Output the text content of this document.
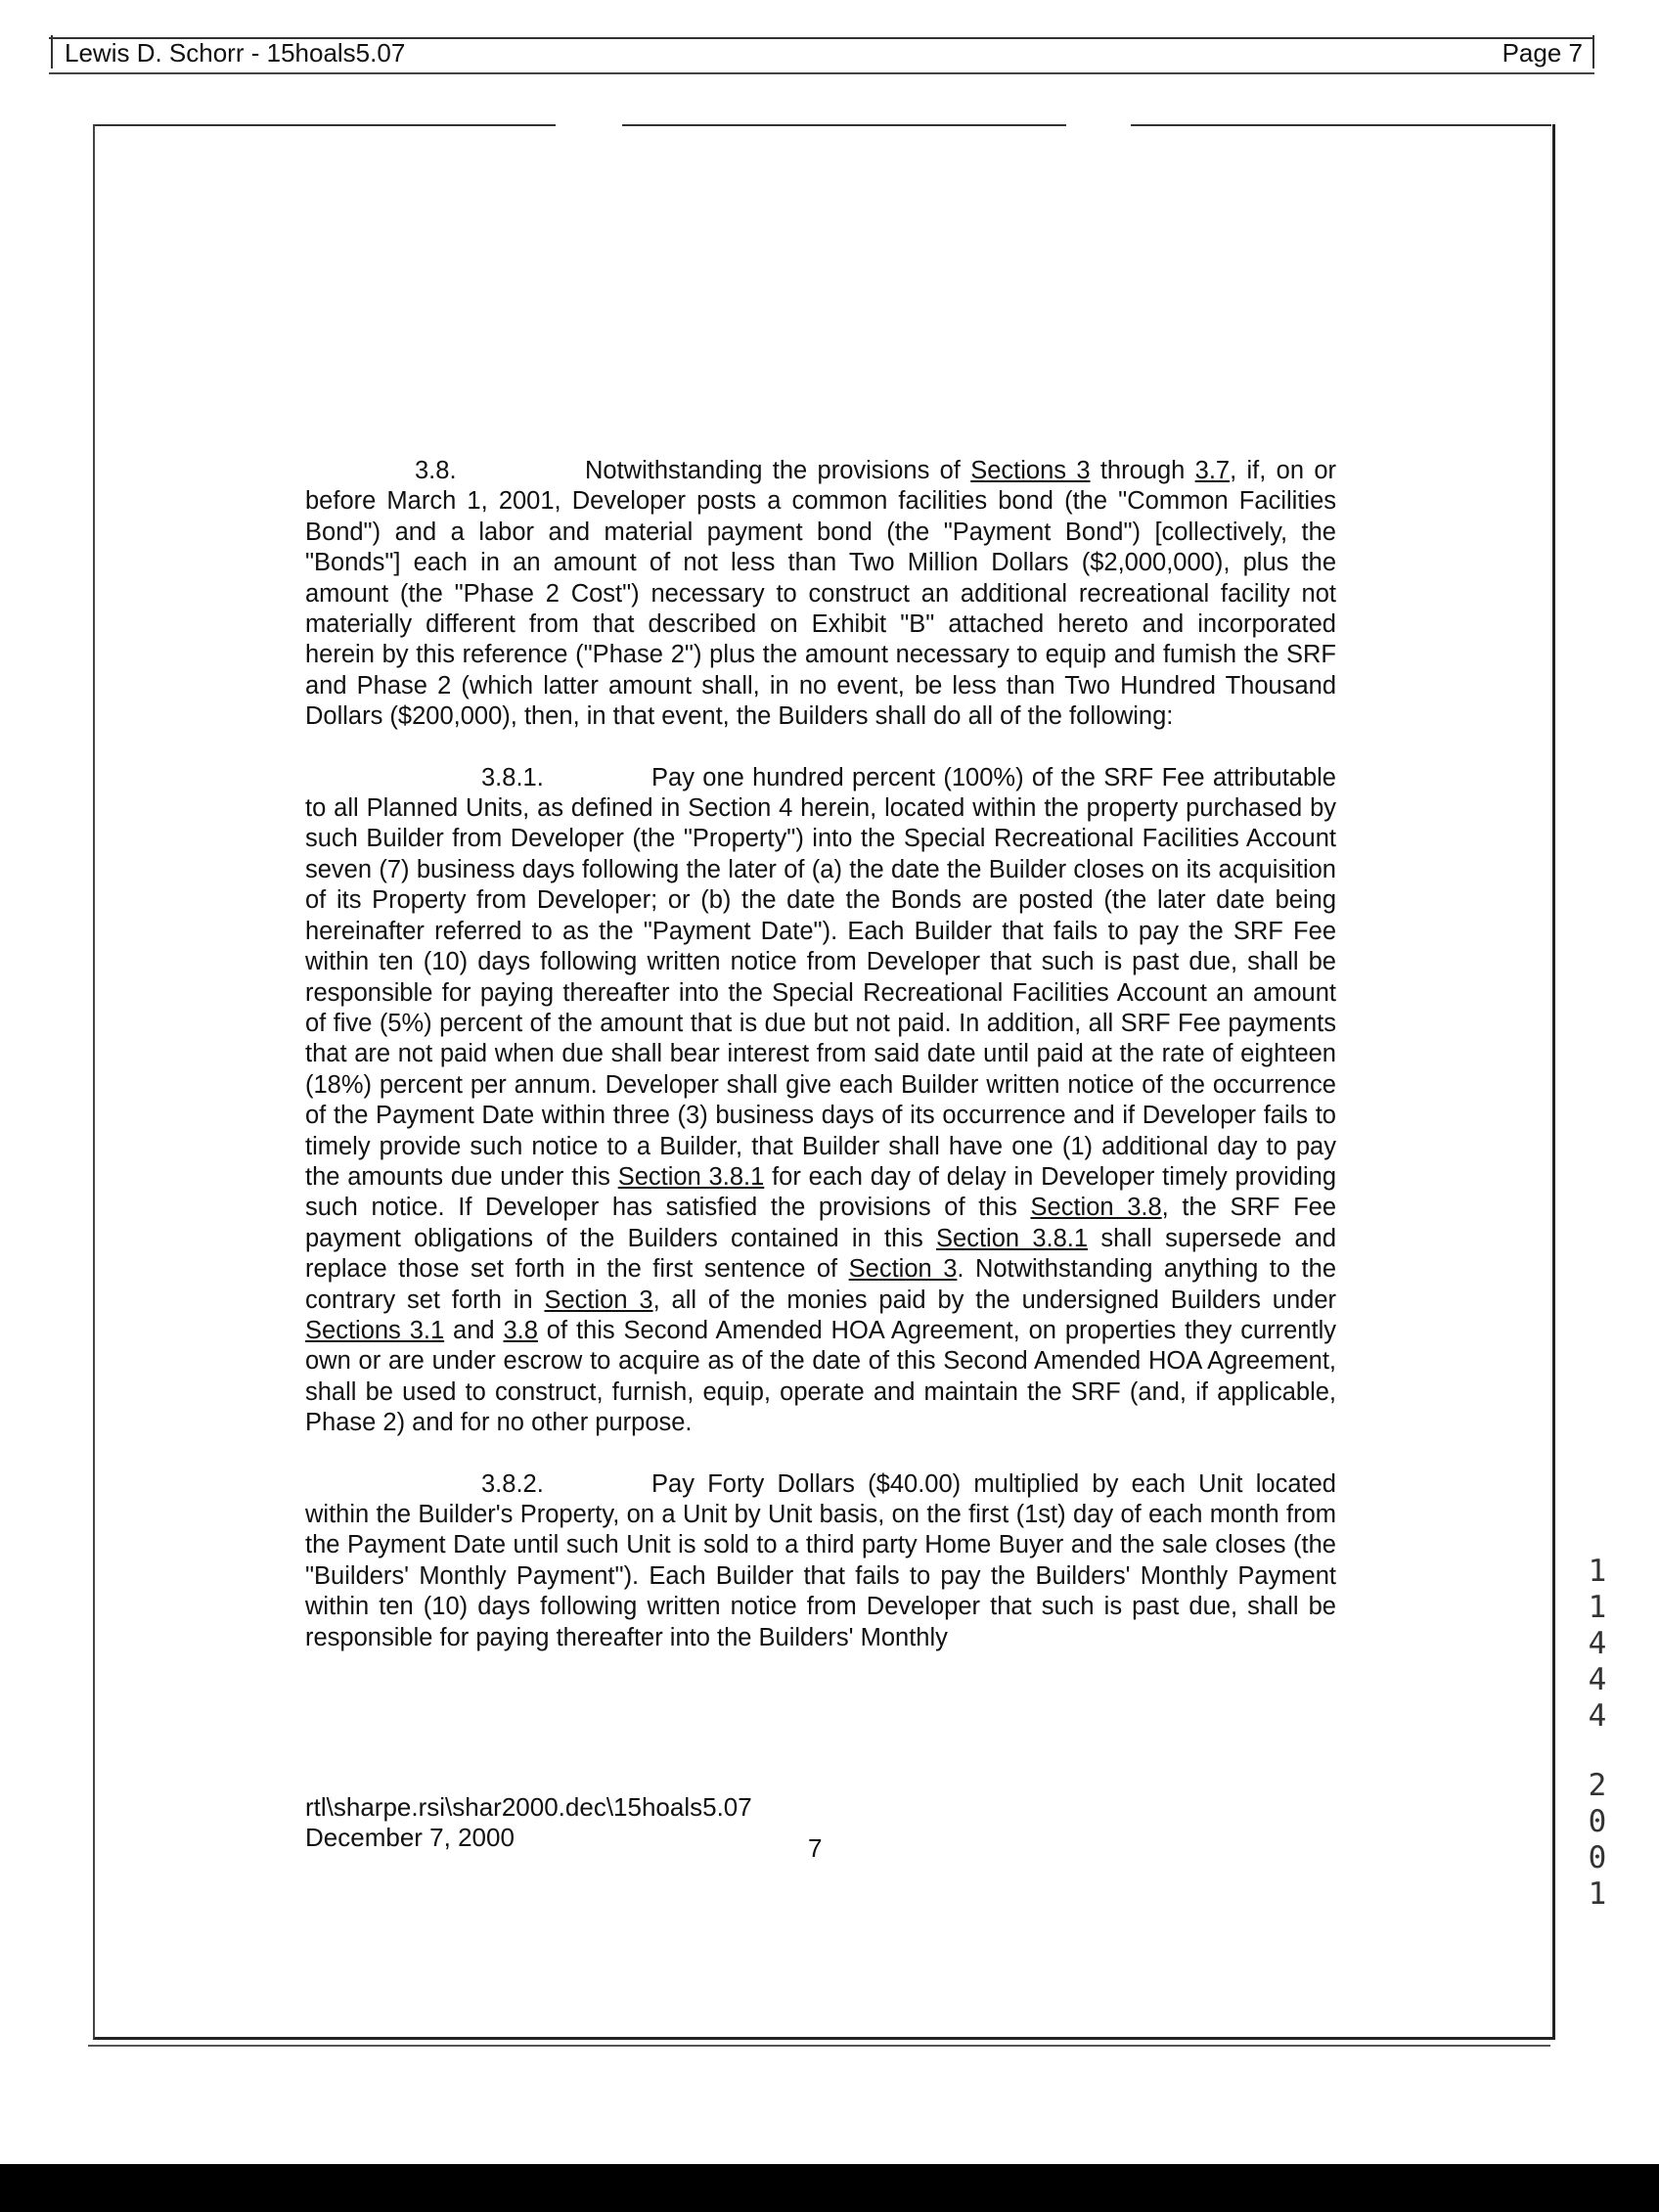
Lewis D. Schorr - 15hoals5.07	Page 7

3.8.	Notwithstanding the provisions of Sections 3 through 3.7, if, on or before March 1, 2001, Developer posts a common facilities bond (the "Common Facilities Bond") and a labor and material payment bond (the "Payment Bond") [collectively, the "Bonds"] each in an amount of not less than Two Million Dollars ($2,000,000), plus the amount (the "Phase 2 Cost") necessary to construct an additional recreational facility not materially different from that described on Exhibit "B" attached hereto and incorporated herein by this reference ("Phase 2") plus the amount necessary to equip and fumish the SRF and Phase 2 (which latter amount shall, in no event, be less than Two Hundred Thousand Dollars ($200,000), then, in that event, the Builders shall do all of the following:

3.8.1.	Pay one hundred percent (100%) of the SRF Fee attributable to all Planned Units, as defined in Section 4 herein, located within the property purchased by such Builder from Developer (the "Property") into the Special Recreational Facilities Account seven (7) business days following the later of (a) the date the Builder closes on its acquisition of its Property from Developer; or (b) the date the Bonds are posted (the later date being hereinafter referred to as the "Payment Date"). Each Builder that fails to pay the SRF Fee within ten (10) days following written notice from Developer that such is past due, shall be responsible for paying thereafter into the Special Recreational Facilities Account an amount of five (5%) percent of the amount that is due but not paid. In addition, all SRF Fee payments that are not paid when due shall bear interest from said date until paid at the rate of eighteen (18%) percent per annum. Developer shall give each Builder written notice of the occurrence of the Payment Date within three (3) business days of its occurrence and if Developer fails to timely provide such notice to a Builder, that Builder shall have one (1) additional day to pay the amounts due under this Section 3.8.1 for each day of delay in Developer timely providing such notice. If Developer has satisfied the provisions of this Section 3.8, the SRF Fee payment obligations of the Builders contained in this Section 3.8.1 shall supersede and replace those set forth in the first sentence of Section 3. Notwithstanding anything to the contrary set forth in Section 3, all of the monies paid by the undersigned Builders under Sections 3.1 and 3.8 of this Second Amended HOA Agreement, on properties they currently own or are under escrow to acquire as of the date of this Second Amended HOA Agreement, shall be used to construct, furnish, equip, operate and maintain the SRF (and, if applicable, Phase 2) and for no other purpose.

3.8.2.	Pay Forty Dollars ($40.00) multiplied by each Unit located within the Builder's Property, on a Unit by Unit basis, on the first (1st) day of each month from the Payment Date until such Unit is sold to a third party Home Buyer and the sale closes (the "Builders' Monthly Payment"). Each Builder that fails to pay the Builders' Monthly Payment within ten (10) days following written notice from Developer that such is past due, shall be responsible for paying thereafter into the Builders' Monthly

rtl\sharpe.rsi\shar2000.dec\15hoals5.07
December 7, 2000	7
1
1
4
4
4
2
0
0
1
